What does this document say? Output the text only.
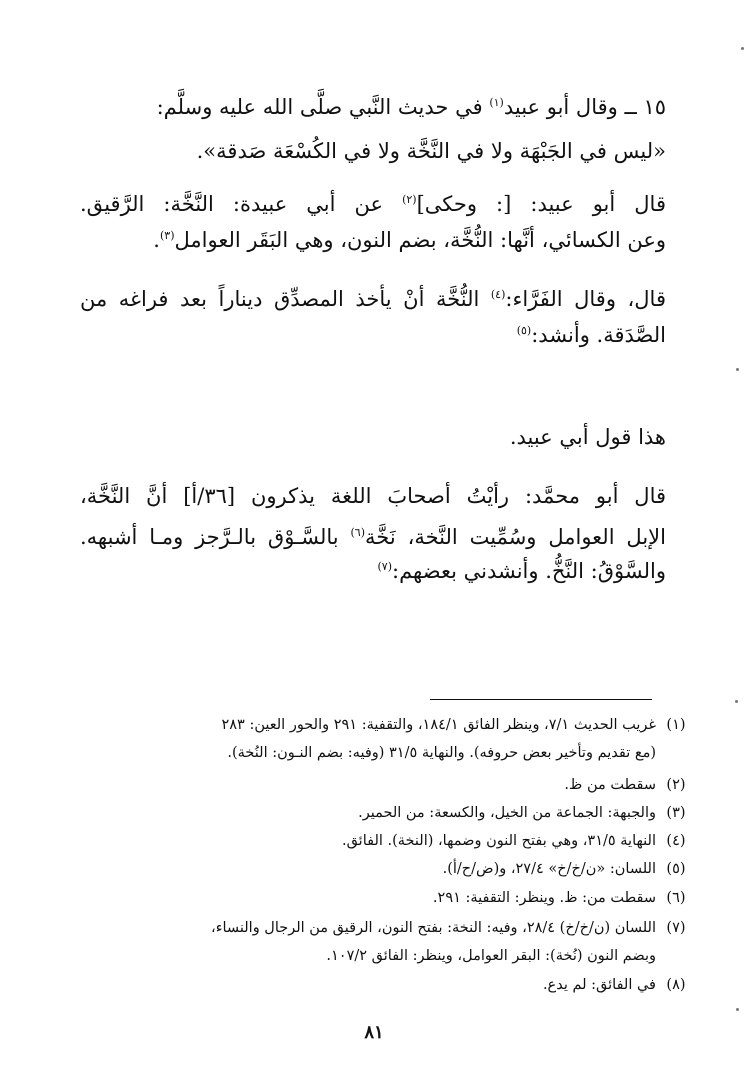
١٥ ــ وقال أبو عبيد$^{(١)}$ في حديث النَّبي صلَّى الله عليه وسلَّم:
«ليس في الجَبْهَة ولا في النَّخَّة ولا في الكُسْعَة صَدقة».
قال أبو عبيد: [: وحكى]$^{(٢)}$ عن أبي عبيدة: النَّخَّة: الرَّقيق.
وعن الكسائي، أنَّها: النُّخَّة، بضم النون، وهي البَقَر العوامل$^{(٣)}$.
قال، وقال الفَرَّاء:$^{(٤)}$ النُّخَّة أنْ يأخذ المصدِّق ديناراً بعد فراغه من
الصَّدَقة. وأنشد:$^{(٥)}$
هذا قول أبي عبيد.
قال أبو محمَّد: رأيْتُ أصحابَ اللغة يذكرون [٣٦/أ] أنَّ النَّخَّة،
الإبل العوامل وسُمِّيت النَّخة، نَخَّة$^{(٦)}$ بالسَّـوْق بالـرَّجز ومـا أشبهه.
والسَّوْقُ: النَّخُّ. وأنشدني بعضهم:$^{(٧)}$
(١)
غريب الحديث ٧/١، وينظر الفائق ١٨٤/١، والتقفية: ٢٩١ والحور العين: ٢٨٣
(مع تقديم وتأخير بعض حروفه). والنهاية ٣١/٥ (وفيه: بضم النـون: النُخة).
(٢)
سقطت من ظ.
(٣)
والجبهة: الجماعة من الخيل، والكسعة: من الحمير.
(٤)
النهاية ٣١/٥، وهي بفتح النون وضمها، (النخة). الفائق.
(٥)
اللسان: «ن/خ/خ» ٢٧/٤، و(ض/ح/أ).
(٦)
سقطت من: ظ. وينظر: التقفية: ٢٩١.
(٧)
اللسان (ن/خ/خ) ٢٨/٤، وفيه: النخة: بفتح النون، الرقيق من الرجال والنساء،
وبضم النون (نُخة): البقر العوامل، وينظر: الفائق ١٠٧/٢.
(٨)
في الفائق: لم يدع.
٨١
